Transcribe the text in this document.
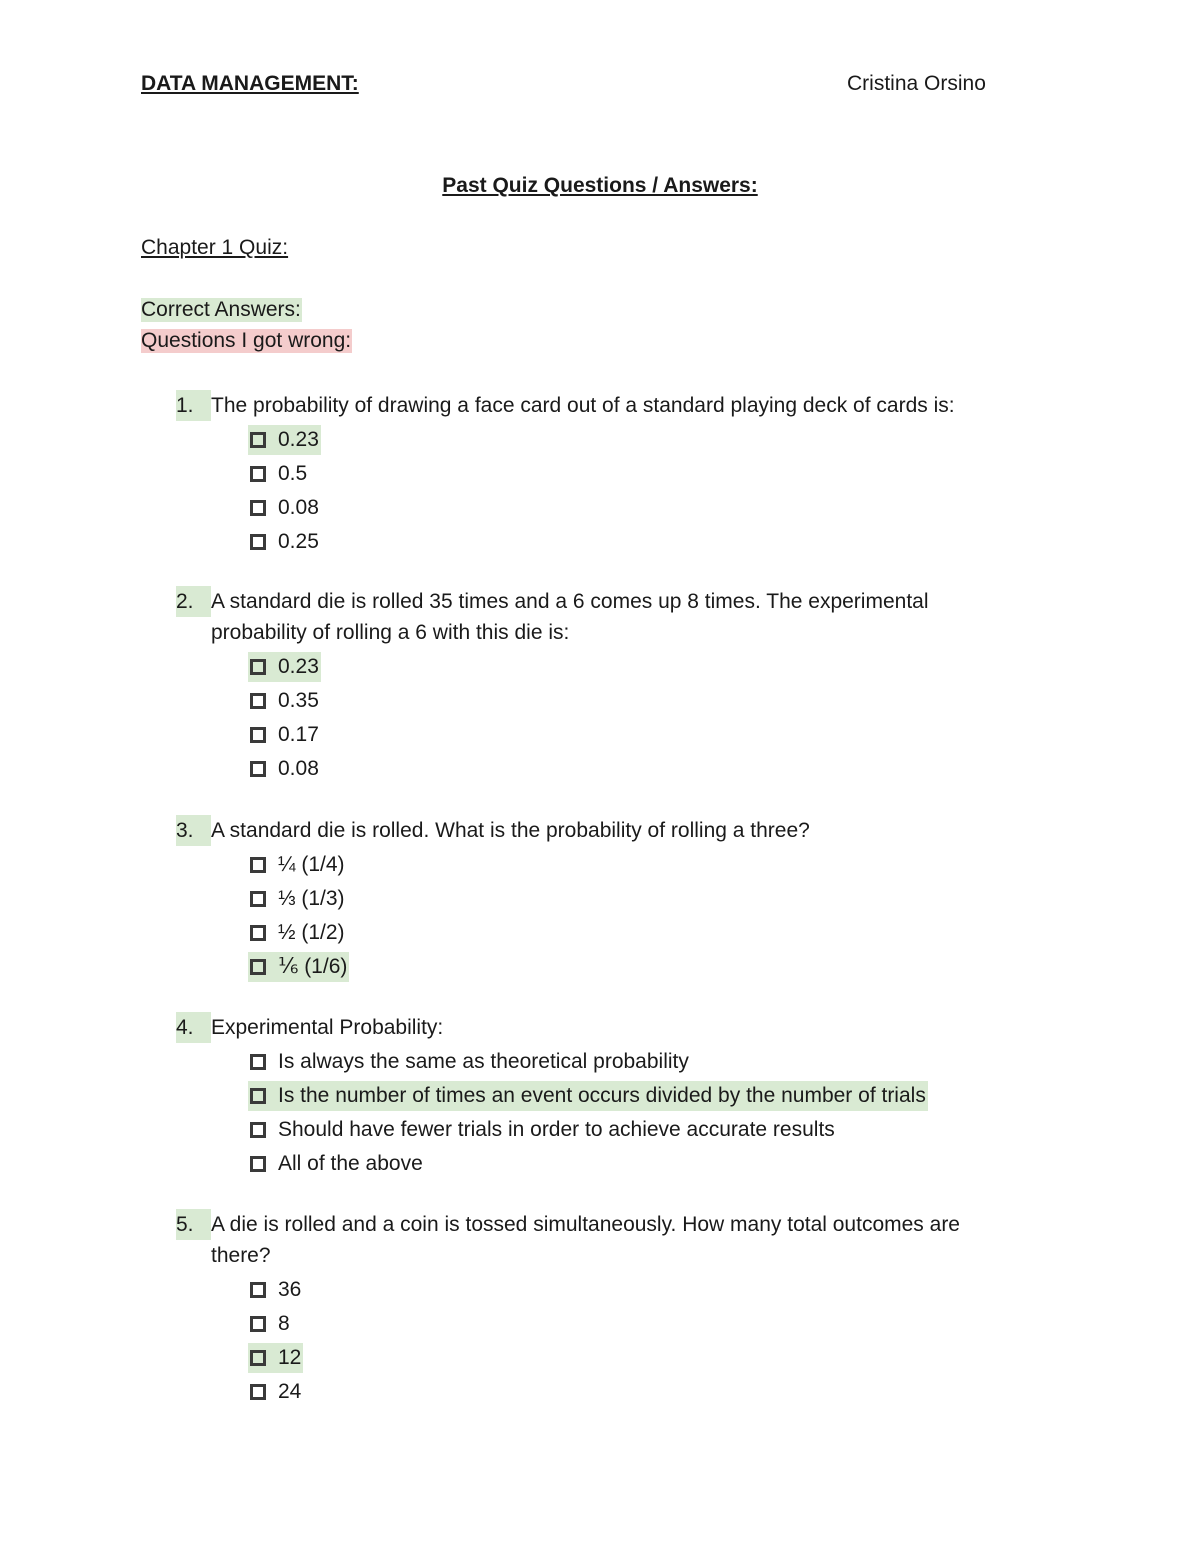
DATA MANAGEMENT:	Cristina Orsino
Past Quiz Questions / Answers:
Chapter 1 Quiz:
Correct Answers:
Questions I got wrong:
1. The probability of drawing a face card out of a standard playing deck of cards is:
0.23
0.5
0.08
0.25
2. A standard die is rolled 35 times and a 6 comes up 8 times. The experimental
probability of rolling a 6 with this die is:
0.23
0.35
0.17
0.08
3. A standard die is rolled. What is the probability of rolling a three?
¼ (1/4)
⅓ (1/3)
½ (1/2)
⅙ (1/6)
4. Experimental Probability:
Is always the same as theoretical probability
Is the number of times an event occurs divided by the number of trials
Should have fewer trials in order to achieve accurate results
All of the above
5. A die is rolled and a coin is tossed simultaneously. How many total outcomes are
there?
36
8
12
24
